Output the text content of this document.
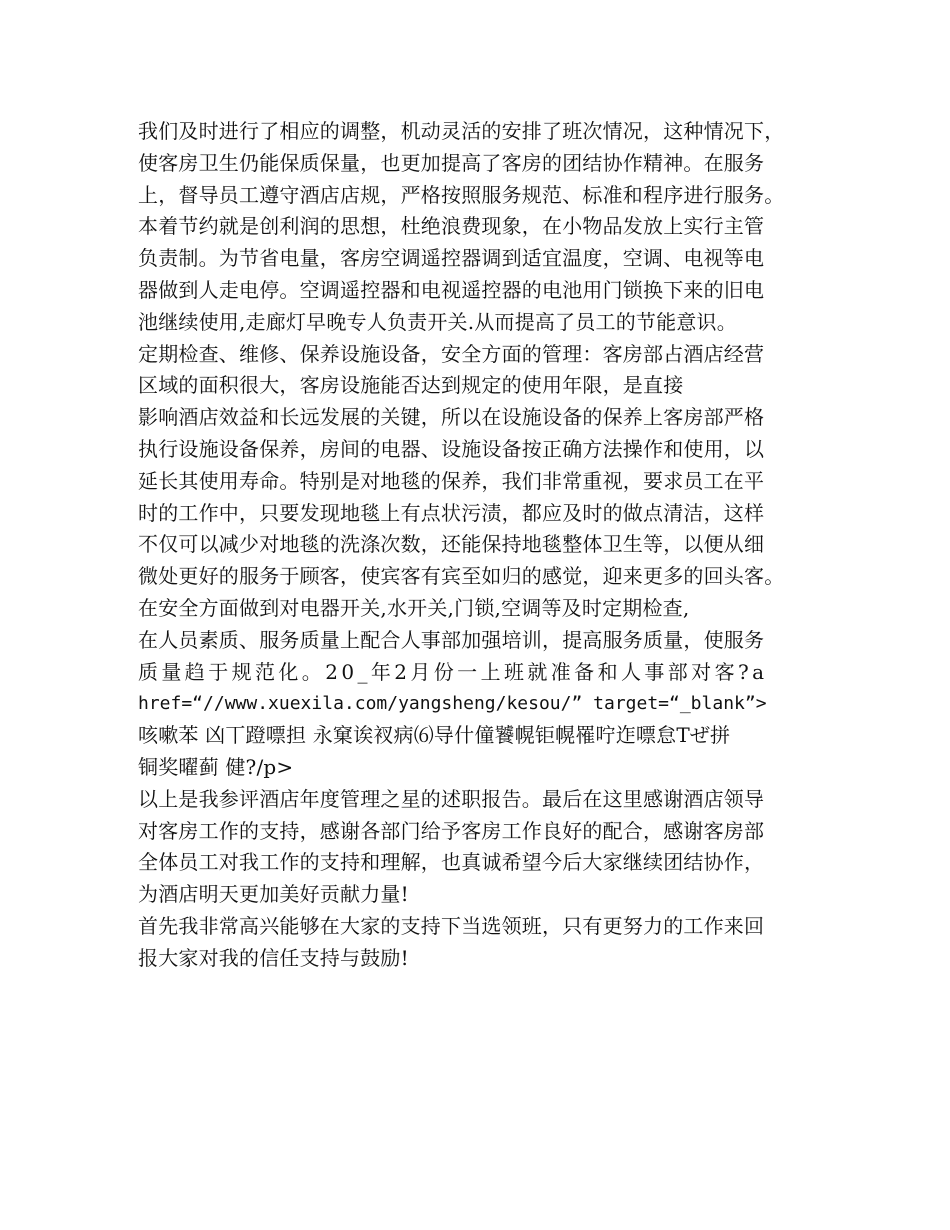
我们及时进行了相应的调整，机动灵活的安排了班次情况，这种情况下，
使客房卫生仍能保质保量，也更加提高了客房的团结协作精神。在服务
上，督导员工遵守酒店店规，严格按照服务规范、标准和程序进行服务。
本着节约就是创利润的思想，杜绝浪费现象，在小物品发放上实行主管
负责制。为节省电量，客房空调遥控器调到适宜温度，空调、电视等电
器做到人走电停。空调遥控器和电视遥控器的电池用门锁换下来的旧电
池继续使用,走廊灯早晚专人负责开关.从而提高了员工的节能意识。
定期检查、维修、保养设施设备，安全方面的管理：客房部占酒店经营
区域的面积很大，客房设施能否达到规定的使用年限，是直接
影响酒店效益和长远发展的关键，所以在设施设备的保养上客房部严格
执行设施设备保养，房间的电器、设施设备按正确方法操作和使用，以
延长其使用寿命。特别是对地毯的保养，我们非常重视，要求员工在平
时的工作中，只要发现地毯上有点状污渍，都应及时的做点清洁，这样
不仅可以减少对地毯的洗涤次数，还能保持地毯整体卫生等，以便从细
微处更好的服务于顾客，使宾客有宾至如归的感觉，迎来更多的回头客。
在安全方面做到对电器开关,水开关,门锁,空调等及时定期检查,
在人员素质、服务质量上配合人事部加强培训，提高服务质量，使服务
质量趋于规范化。20_年2月份一上班就准备和人事部对客?a
href=“//www.xuexila.com/yangsheng/kesou/” target=“_blank”>
咳嗽苯 凶丅蹬嘌担 永窠诶衩病⑹导什僮饕幌钜幌罹咛迮嘌怠Tぜ拼
铜奖曜蓟 健?/p>
以上是我参评酒店年度管理之星的述职报告。最后在这里感谢酒店领导
对客房工作的支持，感谢各部门给予客房工作良好的配合，感谢客房部
全体员工对我工作的支持和理解，也真诚希望今后大家继续团结协作，
为酒店明天更加美好贡献力量!
首先我非常高兴能够在大家的支持下当选领班，只有更努力的工作来回
报大家对我的信任支持与鼓励!
